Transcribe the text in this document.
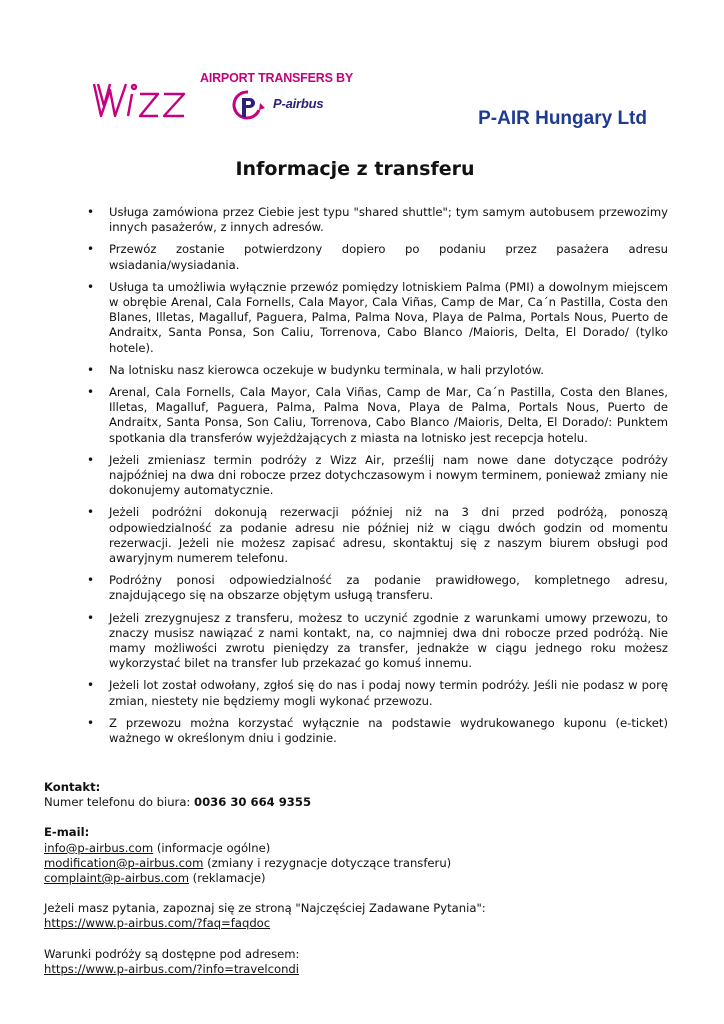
AIRPORT TRANSFERS BY
P-airbus
P-AIR Hungary Ltd
Informacje z transferu
• Usługa zamówiona przez Ciebie jest typu "shared shuttle"; tym samym autobusem przewozimy innych pasażerów, z innych adresów.
• Przewóz zostanie potwierdzony dopiero po podaniu przez pasażera adresu wsiadania/wysiadania.
• Usługa ta umożliwia wyłącznie przewóz pomiędzy lotniskiem Palma (PMI) a dowolnym miejscem w obrębie Arenal, Cala Fornells, Cala Mayor, Cala Viñas, Camp de Mar, Ca´n Pastilla, Costa den Blanes, Illetas, Magalluf, Paguera, Palma, Palma Nova, Playa de Palma, Portals Nous, Puerto de Andraitx, Santa Ponsa, Son Caliu, Torrenova, Cabo Blanco /Maioris, Delta, El Dorado/ (tylko hotele).
• Na lotnisku nasz kierowca oczekuje w budynku terminala, w hali przylotów.
• Arenal, Cala Fornells, Cala Mayor, Cala Viñas, Camp de Mar, Ca´n Pastilla, Costa den Blanes, Illetas, Magalluf, Paguera, Palma, Palma Nova, Playa de Palma, Portals Nous, Puerto de Andraitx, Santa Ponsa, Son Caliu, Torrenova, Cabo Blanco /Maioris, Delta, El Dorado/: Punktem spotkania dla transferów wyjeżdżających z miasta na lotnisko jest recepcja hotelu.
• Jeżeli zmieniasz termin podróży z Wizz Air, prześlij nam nowe dane dotyczące podróży najpóźniej na dwa dni robocze przez dotychczasowym i nowym terminem, ponieważ zmiany nie dokonujemy automatycznie.
• Jeżeli podróżni dokonują rezerwacji później niż na 3 dni przed podróżą, ponoszą odpowiedzialność za podanie adresu nie później niż w ciągu dwóch godzin od momentu rezerwacji. Jeżeli nie możesz zapisać adresu, skontaktuj się z naszym biurem obsługi pod awaryjnym numerem telefonu.
• Podróżny ponosi odpowiedzialność za podanie prawidłowego, kompletnego adresu, znajdującego się na obszarze objętym usługą transferu.
• Jeżeli zrezygnujesz z transferu, możesz to uczynić zgodnie z warunkami umowy przewozu, to znaczy musisz nawiązać z nami kontakt, na, co najmniej dwa dni robocze przed podróżą. Nie mamy możliwości zwrotu pieniędzy za transfer, jednakże w ciągu jednego roku możesz wykorzystać bilet na transfer lub przekazać go komuś innemu.
• Jeżeli lot został odwołany, zgłoś się do nas i podaj nowy termin podróży. Jeśli nie podasz w porę zmian, niestety nie będziemy mogli wykonać przewozu.
• Z przewozu można korzystać wyłącznie na podstawie wydrukowanego kuponu (e-ticket) ważnego w określonym dniu i godzinie.

Kontakt:

Numer telefonu do biura: 0036 30 664 9355

E-mail:

info@p-airbus.com (informacje ogólne)

modification@p-airbus.com (zmiany i rezygnacje dotyczące transferu)

complaint@p-airbus.com (reklamacje)

Jeżeli masz pytania, zapoznaj się ze stroną "Najczęściej Zadawane Pytania":

https://www.p-airbus.com/?faq=faqdoc

Warunki podróży są dostępne pod adresem:

https://www.p-airbus.com/?info=travelcondi
